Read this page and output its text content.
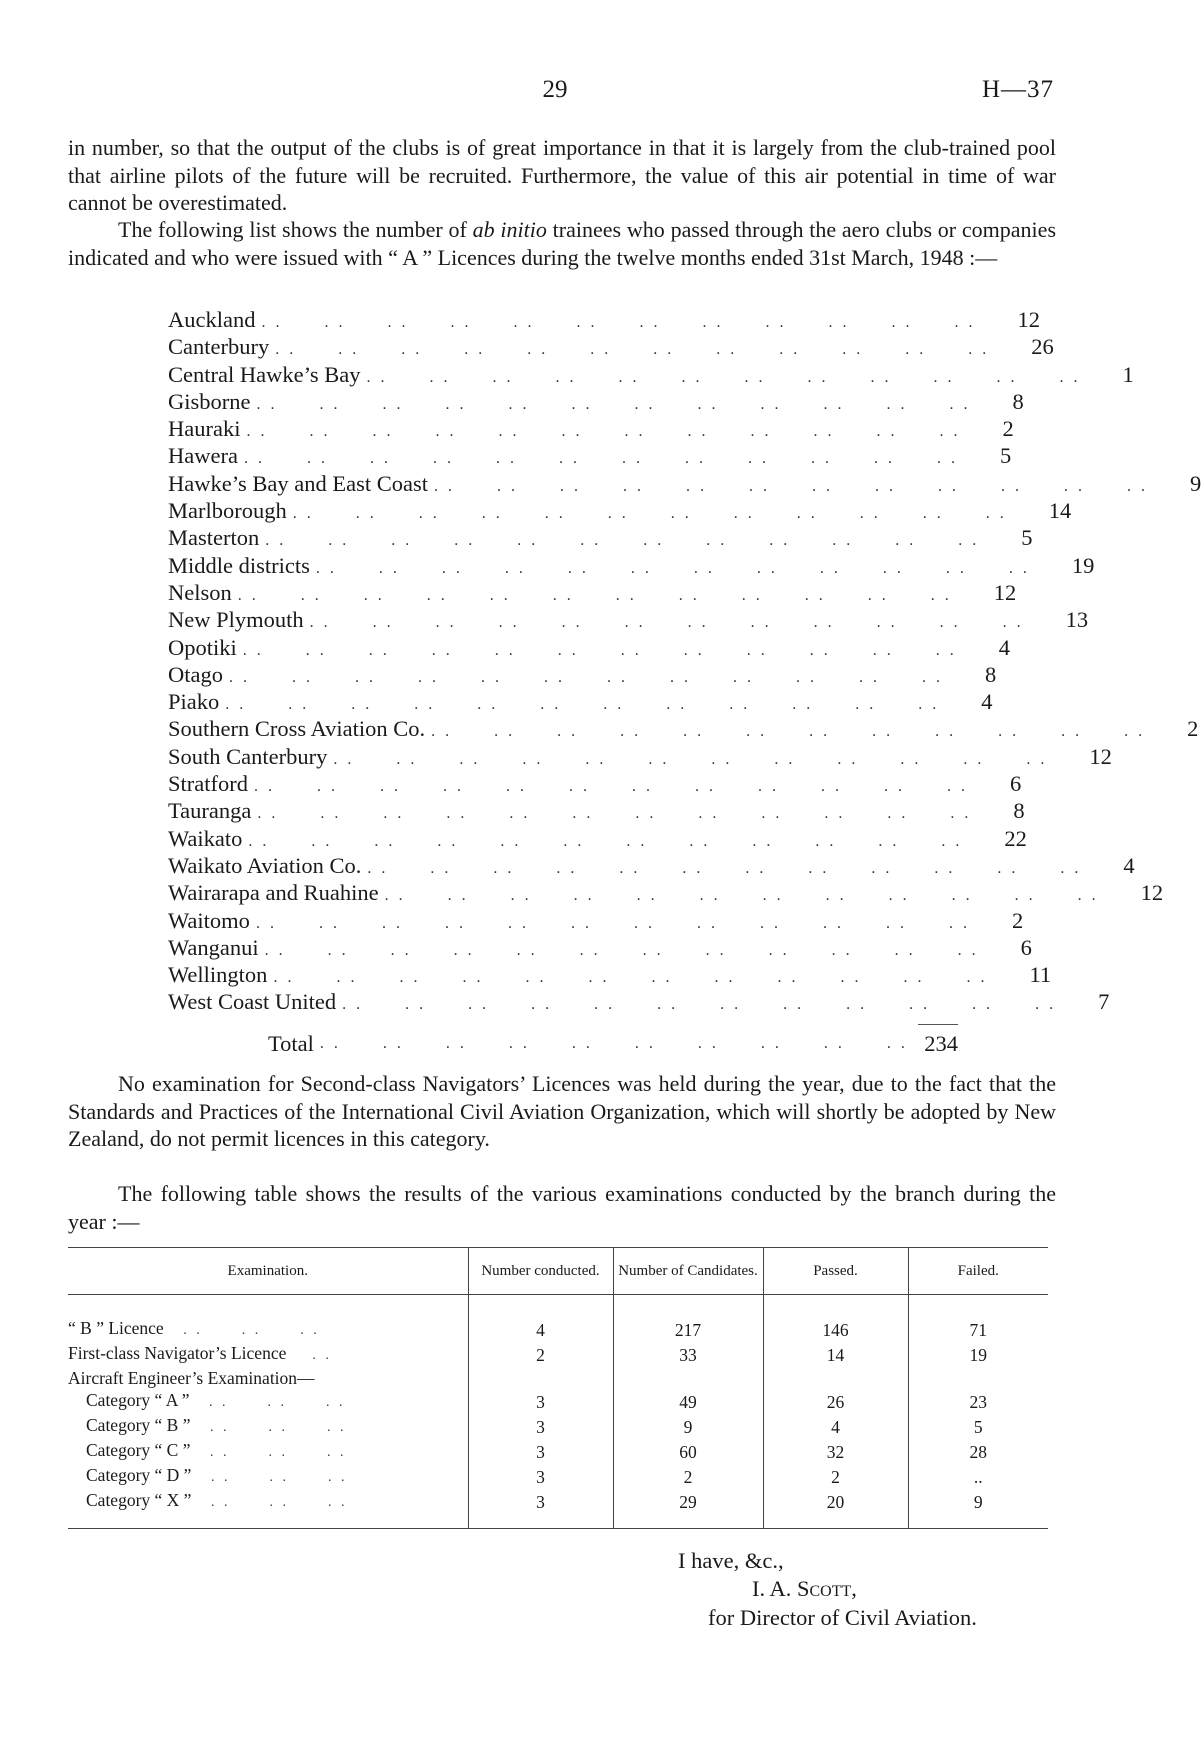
29	H—37

in number, so that the output of the clubs is of great importance in that it is largely from the club-trained pool that airline pilots of the future will be recruited. Furthermore, the value of this air potential in time of war cannot be overestimated.

The following list shows the number of ab initio trainees who passed through the aero clubs or companies indicated and who were issued with “ A ” Licences during the twelve months ended 31st March, 1948 :—

Auckland . .      . .      . .      . .      . .      . .      . .      . .      . .      . .      . .      . . 12
Canterbury . .      . .      . .      . .      . .      . .      . .      . .      . .      . .      . .      . . 26
Central Hawke’s Bay . .      . .      . .      . .      . .      . .      . .      . .      . .      . .      . .      . . 1
Gisborne . .      . .      . .      . .      . .      . .      . .      . .      . .      . .      . .      . . 8
Hauraki . .      . .      . .      . .      . .      . .      . .      . .      . .      . .      . .      . . 2
Hawera . .      . .      . .      . .      . .      . .      . .      . .      . .      . .      . .      . . 5
Hawke’s Bay and East Coast . .      . .      . .      . .      . .      . .      . .      . .      . .      . .      . .      . . 9
Marlborough . .      . .      . .      . .      . .      . .      . .      . .      . .      . .      . .      . . 14
Masterton . .      . .      . .      . .      . .      . .      . .      . .      . .      . .      . .      . . 5
Middle districts . .      . .      . .      . .      . .      . .      . .      . .      . .      . .      . .      . . 19
Nelson . .      . .      . .      . .      . .      . .      . .      . .      . .      . .      . .      . . 12
New Plymouth . .      . .      . .      . .      . .      . .      . .      . .      . .      . .      . .      . . 13
Opotiki . .      . .      . .      . .      . .      . .      . .      . .      . .      . .      . .      . . 4
Otago . .      . .      . .      . .      . .      . .      . .      . .      . .      . .      . .      . . 8
Piako . .      . .      . .      . .      . .      . .      . .      . .      . .      . .      . .      . . 4
Southern Cross Aviation Co. . .      . .      . .      . .      . .      . .      . .      . .      . .      . .      . .      . . 2
South Canterbury . .      . .      . .      . .      . .      . .      . .      . .      . .      . .      . .      . . 12
Stratford . .      . .      . .      . .      . .      . .      . .      . .      . .      . .      . .      . . 6
Tauranga . .      . .      . .      . .      . .      . .      . .      . .      . .      . .      . .      . . 8
Waikato . .      . .      . .      . .      . .      . .      . .      . .      . .      . .      . .      . . 22
Waikato Aviation Co. . .      . .      . .      . .      . .      . .      . .      . .      . .      . .      . .      . . 4
Wairarapa and Ruahine . .      . .      . .      . .      . .      . .      . .      . .      . .      . .      . .      . . 12
Waitomo . .      . .      . .      . .      . .      . .      . .      . .      . .      . .      . .      . . 2
Wanganui . .      . .      . .      . .      . .      . .      . .      . .      . .      . .      . .      . . 6
Wellington . .      . .      . .      . .      . .      . .      . .      . .      . .      . .      . .      . . 11
West Coast United . .      . .      . .      . .      . .      . .      . .      . .      . .      . .      . .      . . 7
Total . .      . .      . .      . .      . .      . .      . .      . .      . .      . . 234

No examination for Second-class Navigators’ Licences was held during the year, due to the fact that the Standards and Practices of the International Civil Aviation Organization, which will shortly be adopted by New Zealand, do not permit licences in this category.

The following table shows the results of the various examinations conducted by the branch during the year :—

Examination.	Number conducted.	Number of Candidates.	Passed.	Failed.

“ B ” Licence   . .      . .      . .	4	217	146	71
First-class Navigator’s Licence    . .	2	33	14	19
Aircraft Engineer’s Examination—				
Category “ A ”   . .      . .      . .	3	49	26	23
Category “ B ”   . .      . .      . .	3	9	4	5
Category “ C ”   . .      . .      . .	3	60	32	28
Category “ D ”   . .      . .      . .	3	2	2	..
Category “ X ”   . .      . .      . .	3	29	20	9
I have, &c.,
I. A. Scott,
for Director of Civil Aviation.
